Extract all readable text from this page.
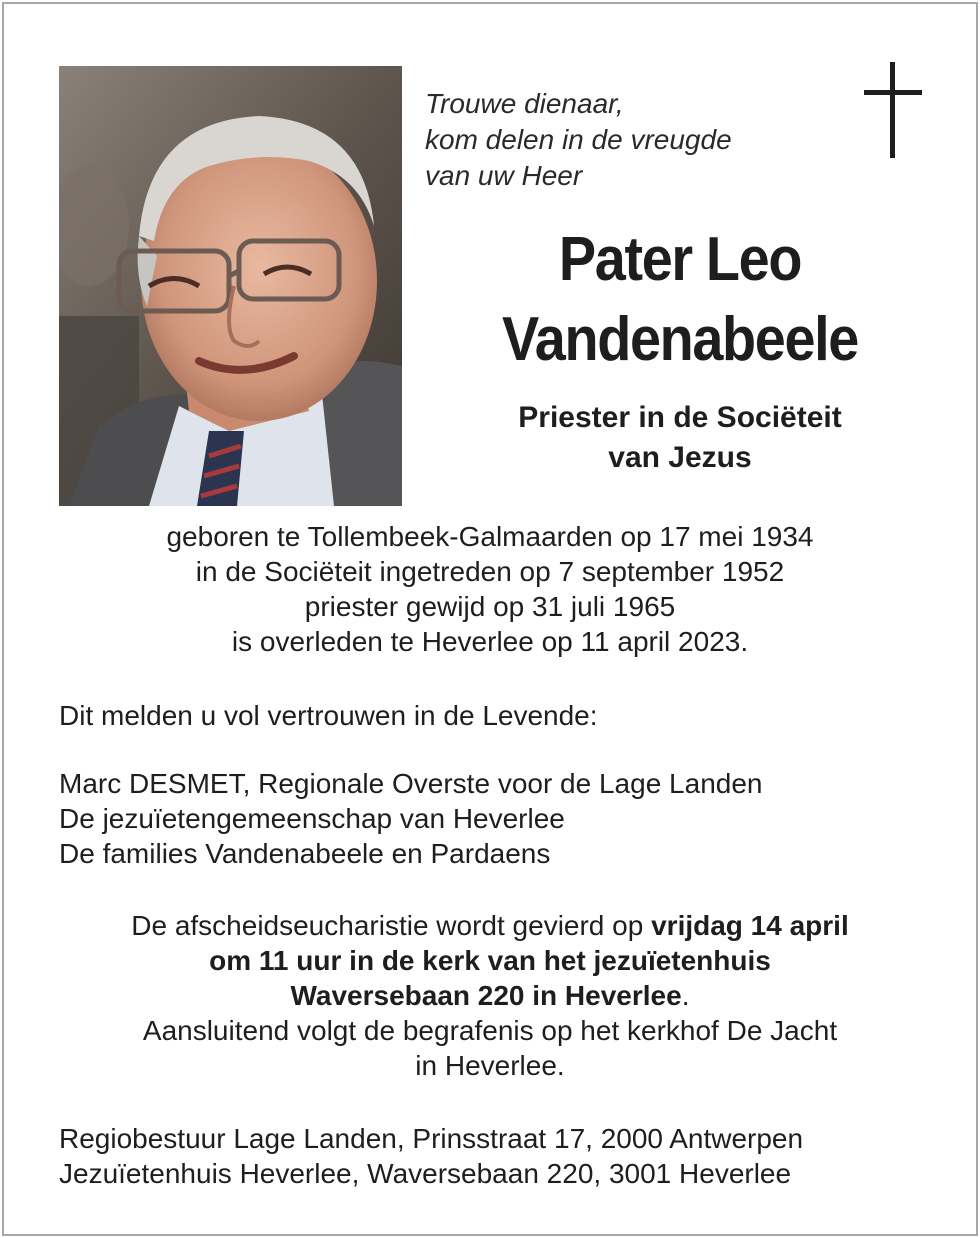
Trouwe dienaar,
kom delen in de vreugde
van uw Heer
Pater Leo
Vandenabeele
Priester in de Sociëteit
van Jezus
geboren te Tollembeek-Galmaarden op 17 mei 1934
in de Sociëteit ingetreden op 7 september 1952
priester gewijd op 31 juli 1965
is overleden te Heverlee op 11 april 2023.
Dit melden u vol vertrouwen in de Levende:
Marc DESMET, Regionale Overste voor de Lage Landen
De jezuïetengemeenschap van Heverlee
De families Vandenabeele en Pardaens
De afscheidseucharistie wordt gevierd op vrijdag 14 april
om 11 uur in de kerk van het jezuïetenhuis
Waversebaan 220 in Heverlee.
Aansluitend volgt de begrafenis op het kerkhof De Jacht
in Heverlee.
Regiobestuur Lage Landen, Prinsstraat 17, 2000 Antwerpen
Jezuïetenhuis Heverlee, Waversebaan 220, 3001 Heverlee
